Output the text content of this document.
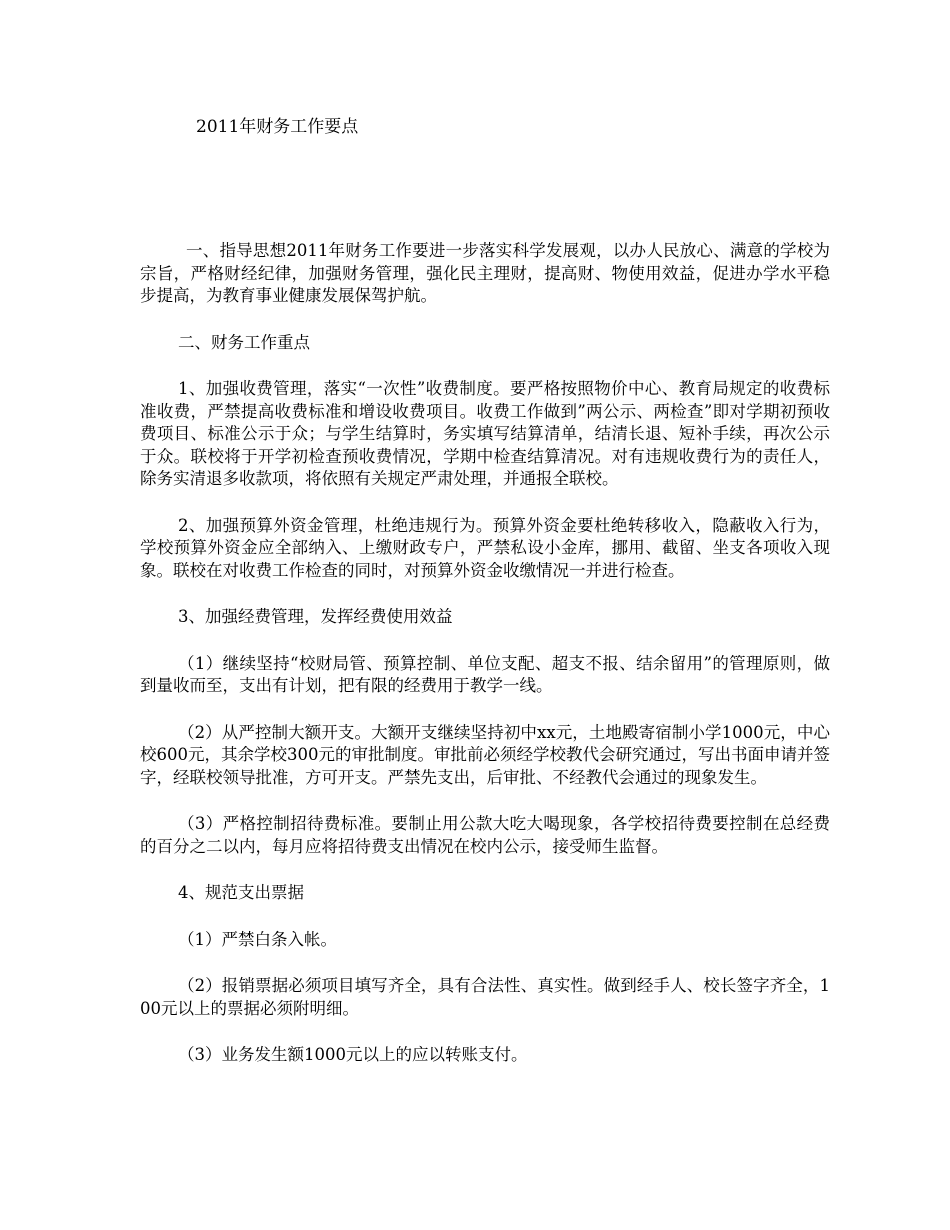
2011年财务工作要点

一、指导思想2011年财务工作要进一步落实科学发展观，以办人民放心、满意的学校为宗旨，严格财经纪律，加强财务管理，强化民主理财，提高财、物使用效益，促进办学水平稳步提高，为教育事业健康发展保驾护航。

二、财务工作重点

1、加强收费管理，落实“一次性”收费制度。要严格按照物价中心、教育局规定的收费标准收费，严禁提高收费标准和增设收费项目。收费工作做到”两公示、两检查”即对学期初预收费项目、标准公示于众；与学生结算时，务实填写结算清单，结清长退、短补手续，再次公示于众。联校将于开学初检查预收费情况，学期中检查结算清况。对有违规收费行为的责任人，除务实清退多收款项，将依照有关规定严肃处理，并通报全联校。

2、加强预算外资金管理，杜绝违规行为。预算外资金要杜绝转移收入，隐蔽收入行为，学校预算外资金应全部纳入、上缴财政专户，严禁私设小金库，挪用、截留、坐支各项收入现象。联校在对收费工作检查的同时，对预算外资金收缴情况一并进行检查。

3、加强经费管理，发挥经费使用效益

（1）继续坚持“校财局管、预算控制、单位支配、超支不报、结余留用”的管理原则，做到量收而至，支出有计划，把有限的经费用于教学一线。

（2）从严控制大额开支。大额开支继续坚持初中xx元，土地殿寄宿制小学1000元，中心校600元，其余学校300元的审批制度。审批前必须经学校教代会研究通过，写出书面申请并签字，经联校领导批准，方可开支。严禁先支出，后审批、不经教代会通过的现象发生。

（3）严格控制招待费标准。要制止用公款大吃大喝现象，各学校招待费要控制在总经费的百分之二以内，每月应将招待费支出情况在校内公示，接受师生监督。

4、规范支出票据

（1）严禁白条入帐。

（2）报销票据必须项目填写齐全，具有合法性、真实性。做到经手人、校长签字齐全，100元以上的票据必须附明细。

（3）业务发生额1000元以上的应以转账支付。
